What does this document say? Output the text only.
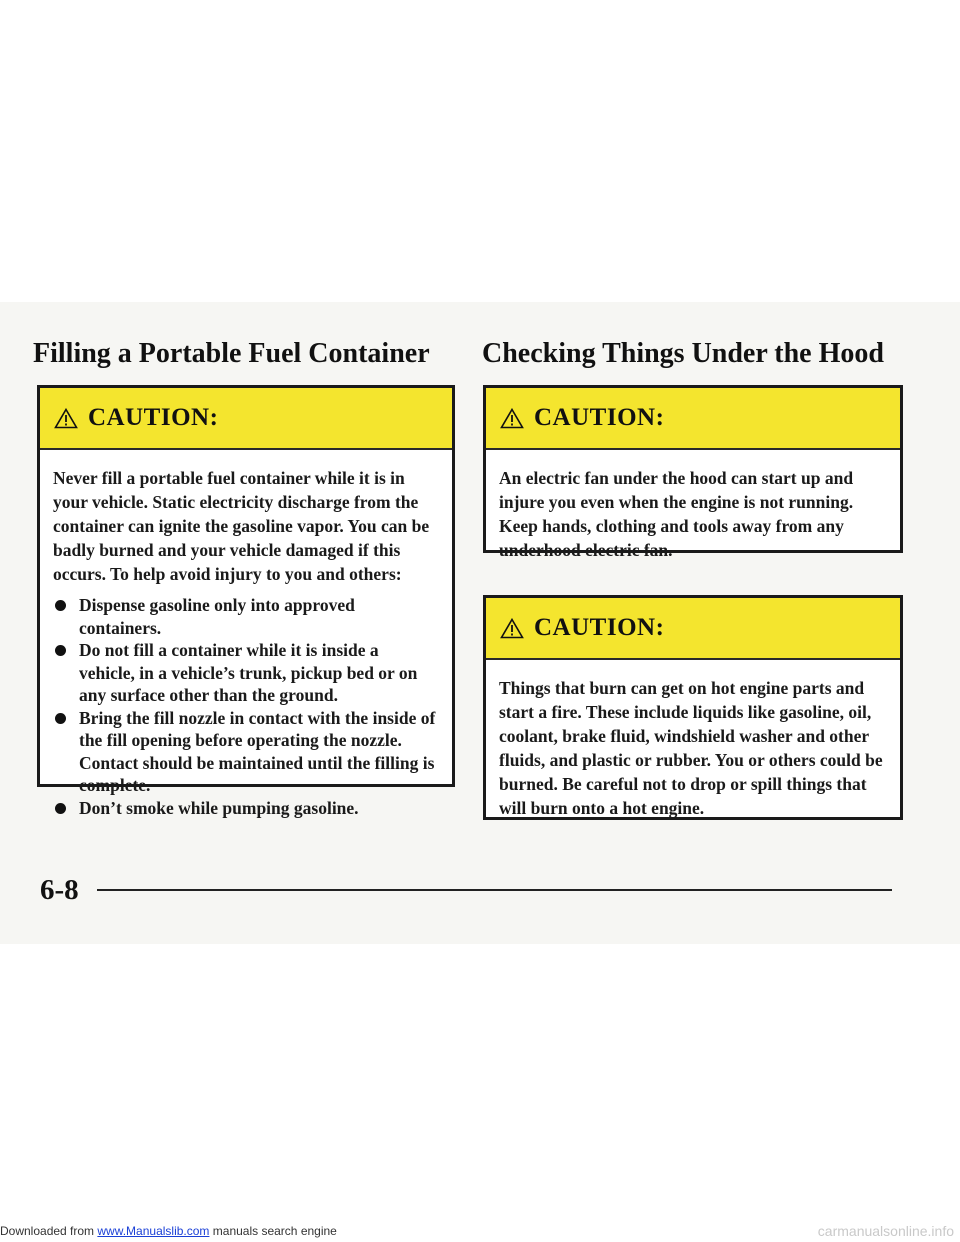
Filling a Portable Fuel Container
CAUTION:

Never fill a portable fuel container while it is in your vehicle. Static electricity discharge from the container can ignite the gasoline vapor. You can be badly burned and your vehicle damaged if this occurs. To help avoid injury to you and others:

Dispense gasoline only into approved containers.
Do not fill a container while it is inside a vehicle, in a vehicle’s trunk, pickup bed or on any surface other than the ground.
Bring the fill nozzle in contact with the inside of the fill opening before operating the nozzle. Contact should be maintained until the filling is complete.
Don’t smoke while pumping gasoline.
Checking Things Under the Hood
CAUTION:

An electric fan under the hood can start up and injure you even when the engine is not running. Keep hands, clothing and tools away from any underhood electric fan.

CAUTION:

Things that burn can get on hot engine parts and start a fire. These include liquids like gasoline, oil, coolant, brake fluid, windshield washer and other fluids, and plastic or rubber. You or others could be burned. Be careful not to drop or spill things that will burn onto a hot engine.

6-8
Downloaded from www.Manualslib.com manuals search engine	carmanualsonline.info
